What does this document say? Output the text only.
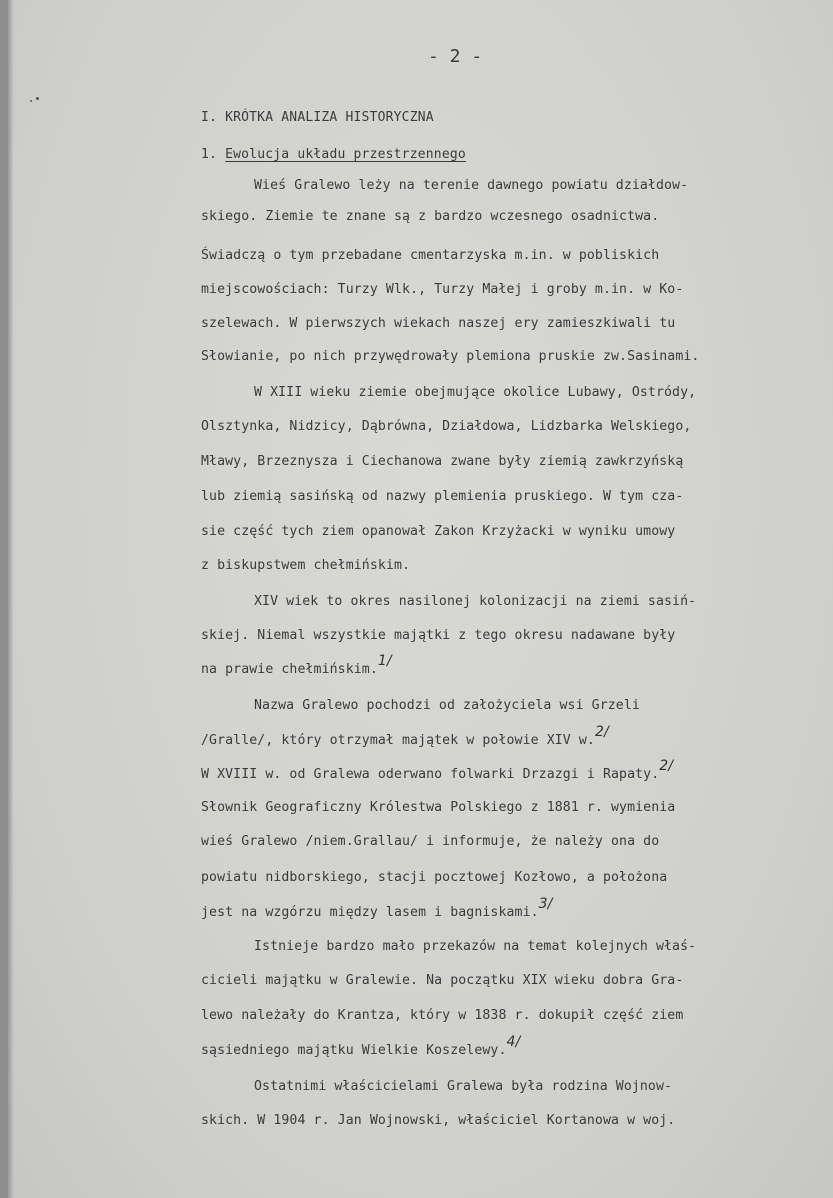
- 2 -
I. KRÓTKA ANALIZA HISTORYCZNA
1. Ewolucja układu przestrzennego
Wieś Gralewo leży na terenie dawnego powiatu działdow-
skiego. Ziemie te znane są z bardzo wczesnego osadnictwa.
Świadczą o tym przebadane cmentarzyska m.in. w pobliskich
miejscowościach: Turzy Wlk., Turzy Małej i groby m.in. w Ko-
szelewach. W pierwszych wiekach naszej ery zamieszkiwali tu
Słowianie, po nich przywędrowały plemiona pruskie zw.Sasinami.
W XIII wieku ziemie obejmujące okolice Lubawy, Ostródy,
Olsztynka, Nidzicy, Dąbrówna, Działdowa, Lidzbarka Welskiego,
Mławy, Brzeznysza i Ciechanowa zwane były ziemią zawkrzyńską
lub ziemią sasińską od nazwy plemienia pruskiego. W tym cza-
sie część tych ziem opanował Zakon Krzyżacki w wyniku umowy
z biskupstwem chełmińskim.
XIV wiek to okres nasilonej kolonizacji na ziemi sasiń-
skiej. Niemal wszystkie majątki z tego okresu nadawane były
na prawie chełmińskim.$^{1/}$
Nazwa Gralewo pochodzi od założyciela wsi Grzeli
/Gralle/, który otrzymał majątek w połowie XIV w.$^{2/}$
W XVIII w. od Gralewa oderwano folwarki Drzazgi i Rapaty.$^{2/}$
Słownik Geograficzny Królestwa Polskiego z 1881 r. wymienia
wieś Gralewo /niem.Grallau/ i informuje, że należy ona do
powiatu nidborskiego, stacji pocztowej Kozłowo, a położona
jest na wzgórzu między lasem i bagniskami.$^{3/}$
Istnieje bardzo mało przekazów na temat kolejnych właś-
cicieli majątku w Gralewie. Na początku XIX wieku dobra Gra-
lewo należały do Krantza, który w 1838 r. dokupił część ziem
sąsiedniego majątku Wielkie Koszelewy.$^{4/}$
Ostatnimi właścicielami Gralewa była rodzina Wojnow-
skich. W 1904 r. Jan Wojnowski, właściciel Kortanowa w woj.
